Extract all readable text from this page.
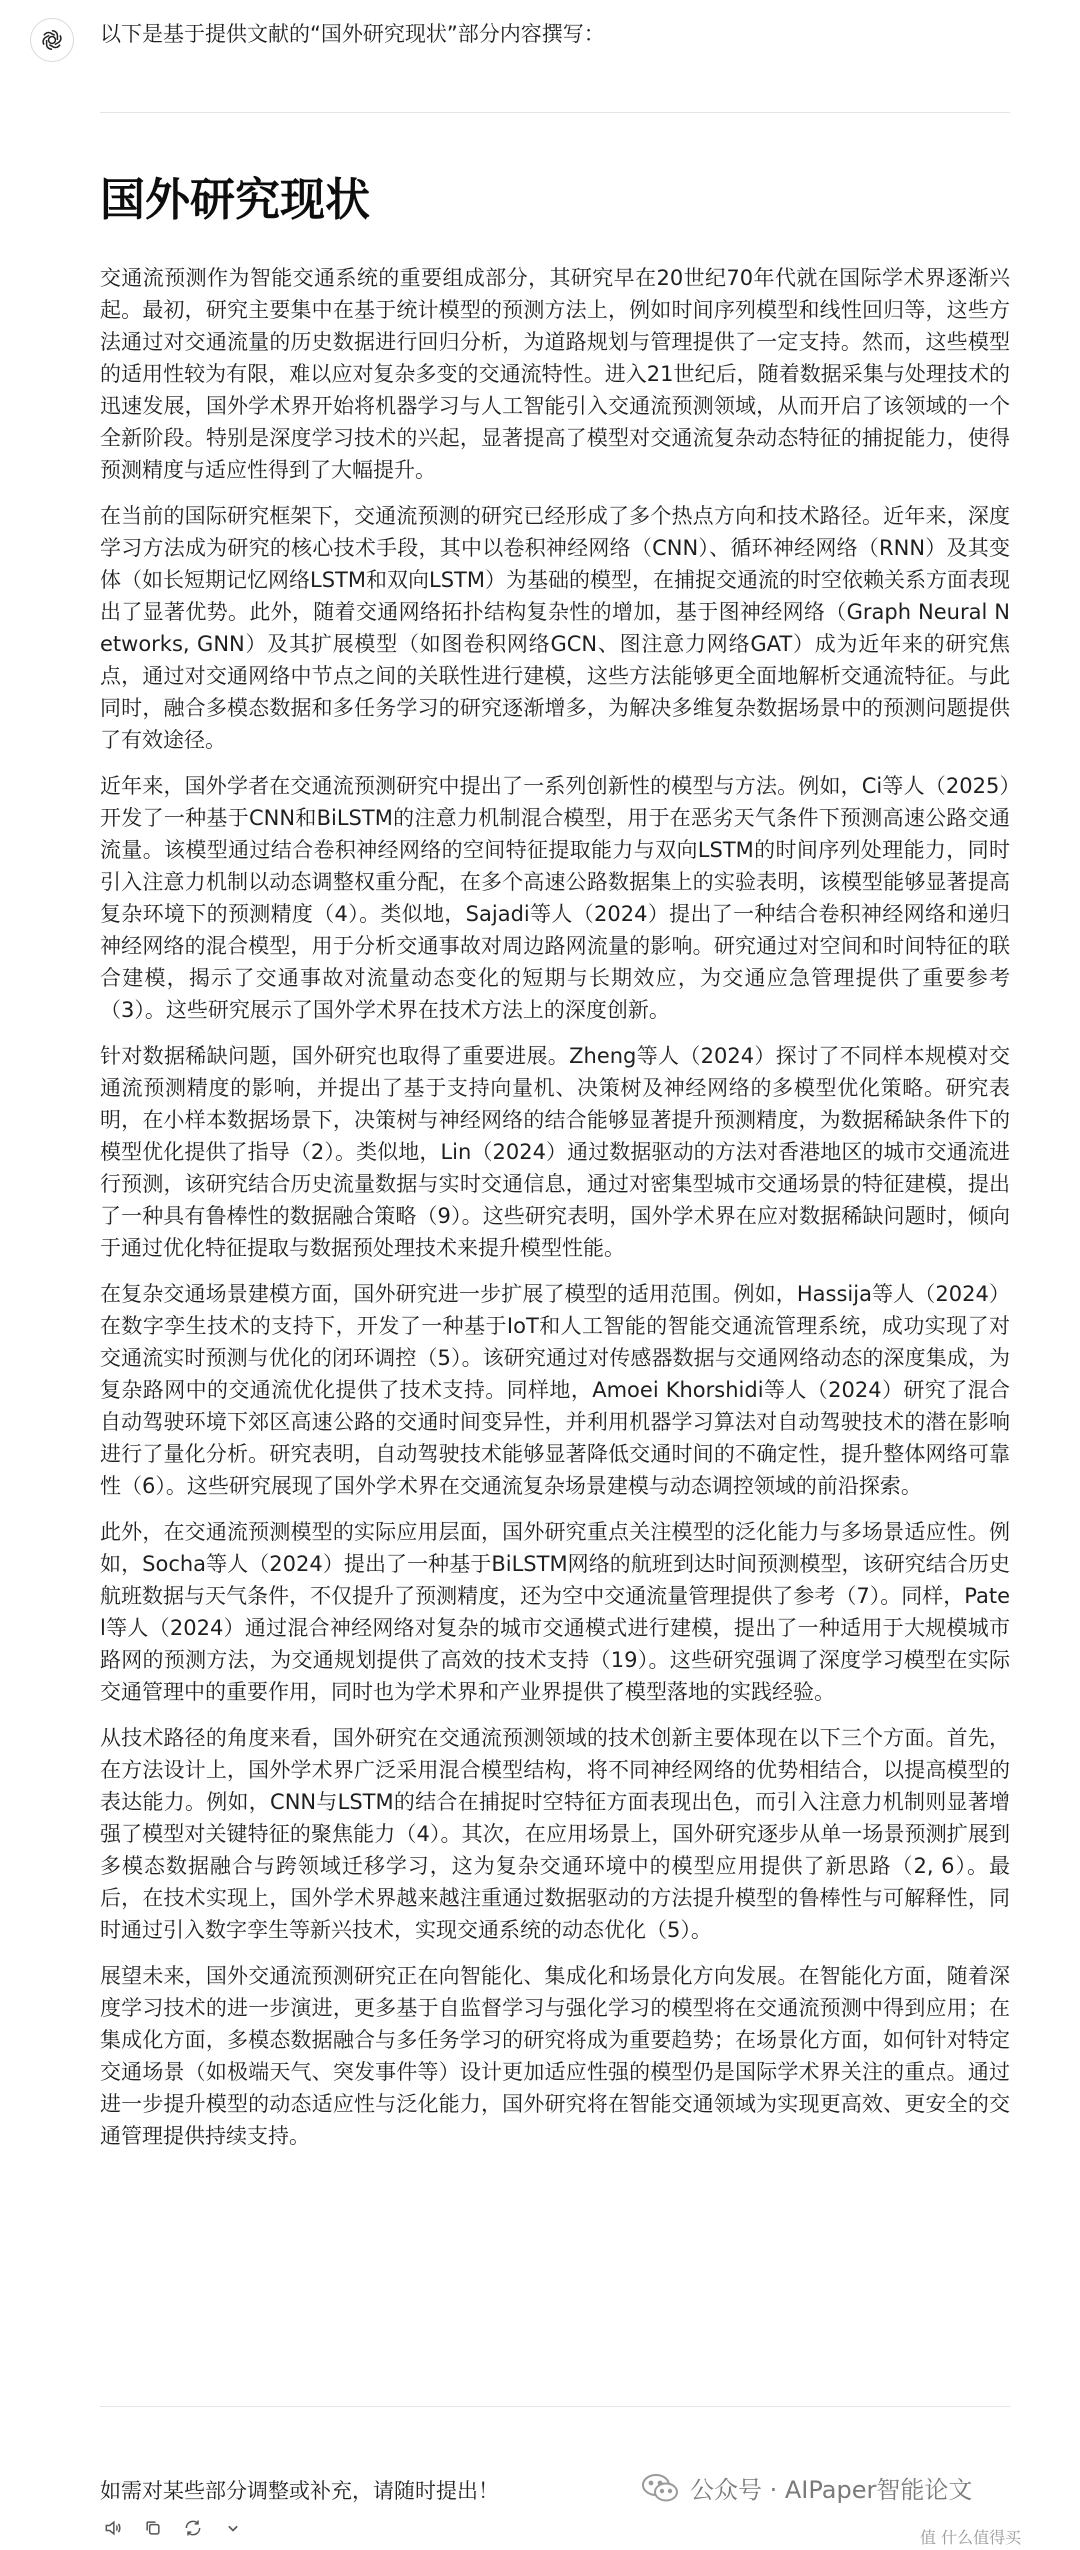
以下是基于提供文献的“国外研究现状”部分内容撰写：
国外研究现状

交通流预测作为智能交通系统的重要组成部分，其研究早在20世纪70年代就在国际学术界逐渐兴起。最初，研究主要集中在基于统计模型的预测方法上，例如时间序列模型和线性回归等，这些方法通过对交通流量的历史数据进行回归分析，为道路规划与管理提供了一定支持。然而，这些模型的适用性较为有限，难以应对复杂多变的交通流特性。进入21世纪后，随着数据采集与处理技术的迅速发展，国外学术界开始将机器学习与人工智能引入交通流预测领域，从而开启了该领域的一个全新阶段。特别是深度学习技术的兴起，显著提高了模型对交通流复杂动态特征的捕捉能力，使得预测精度与适应性得到了大幅提升。

在当前的国际研究框架下，交通流预测的研究已经形成了多个热点方向和技术路径。近年来，深度学习方法成为研究的核心技术手段，其中以卷积神经网络（CNN）、循环神经网络（RNN）及其变体（如长短期记忆网络LSTM和双向LSTM）为基础的模型，在捕捉交通流的时空依赖关系方面表现出了显著优势。此外，随着交通网络拓扑结构复杂性的增加，基于图神经网络（Graph Neural Networks, GNN）及其扩展模型（如图卷积网络GCN、图注意力网络GAT）成为近年来的研究焦点，通过对交通网络中节点之间的关联性进行建模，这些方法能够更全面地解析交通流特征。与此同时，融合多模态数据和多任务学习的研究逐渐增多，为解决多维复杂数据场景中的预测问题提供了有效途径。

近年来，国外学者在交通流预测研究中提出了一系列创新性的模型与方法。例如，Ci等人（2025）开发了一种基于CNN和BiLSTM的注意力机制混合模型，用于在恶劣天气条件下预测高速公路交通流量。该模型通过结合卷积神经网络的空间特征提取能力与双向LSTM的时间序列处理能力，同时引入注意力机制以动态调整权重分配，在多个高速公路数据集上的实验表明，该模型能够显著提高复杂环境下的预测精度（4）。类似地，Sajadi等人（2024）提出了一种结合卷积神经网络和递归神经网络的混合模型，用于分析交通事故对周边路网流量的影响。研究通过对空间和时间特征的联合建模，揭示了交通事故对流量动态变化的短期与长期效应，为交通应急管理提供了重要参考（3）。这些研究展示了国外学术界在技术方法上的深度创新。

针对数据稀缺问题，国外研究也取得了重要进展。Zheng等人（2024）探讨了不同样本规模对交通流预测精度的影响，并提出了基于支持向量机、决策树及神经网络的多模型优化策略。研究表明，在小样本数据场景下，决策树与神经网络的结合能够显著提升预测精度，为数据稀缺条件下的模型优化提供了指导（2）。类似地，Lin（2024）通过数据驱动的方法对香港地区的城市交通流进行预测，该研究结合历史流量数据与实时交通信息，通过对密集型城市交通场景的特征建模，提出了一种具有鲁棒性的数据融合策略（9）。这些研究表明，国外学术界在应对数据稀缺问题时，倾向于通过优化特征提取与数据预处理技术来提升模型性能。

在复杂交通场景建模方面，国外研究进一步扩展了模型的适用范围。例如，Hassija等人（2024）在数字孪生技术的支持下，开发了一种基于IoT和人工智能的智能交通流管理系统，成功实现了对交通流实时预测与优化的闭环调控（5）。该研究通过对传感器数据与交通网络动态的深度集成，为复杂路网中的交通流优化提供了技术支持。同样地，Amoei Khorshidi等人（2024）研究了混合自动驾驶环境下郊区高速公路的交通时间变异性，并利用机器学习算法对自动驾驶技术的潜在影响进行了量化分析。研究表明，自动驾驶技术能够显著降低交通时间的不确定性，提升整体网络可靠性（6）。这些研究展现了国外学术界在交通流复杂场景建模与动态调控领域的前沿探索。

此外，在交通流预测模型的实际应用层面，国外研究重点关注模型的泛化能力与多场景适应性。例如，Socha等人（2024）提出了一种基于BiLSTM网络的航班到达时间预测模型，该研究结合历史航班数据与天气条件，不仅提升了预测精度，还为空中交通流量管理提供了参考（7）。同样，Patel等人（2024）通过混合神经网络对复杂的城市交通模式进行建模，提出了一种适用于大规模城市路网的预测方法，为交通规划提供了高效的技术支持（19）。这些研究强调了深度学习模型在实际交通管理中的重要作用，同时也为学术界和产业界提供了模型落地的实践经验。

从技术路径的角度来看，国外研究在交通流预测领域的技术创新主要体现在以下三个方面。首先，在方法设计上，国外学术界广泛采用混合模型结构，将不同神经网络的优势相结合，以提高模型的表达能力。例如，CNN与LSTM的结合在捕捉时空特征方面表现出色，而引入注意力机制则显著增强了模型对关键特征的聚焦能力（4）。其次，在应用场景上，国外研究逐步从单一场景预测扩展到多模态数据融合与跨领域迁移学习，这为复杂交通环境中的模型应用提供了新思路（2, 6）。最后，在技术实现上，国外学术界越来越注重通过数据驱动的方法提升模型的鲁棒性与可解释性，同时通过引入数字孪生等新兴技术，实现交通系统的动态优化（5）。

展望未来，国外交通流预测研究正在向智能化、集成化和场景化方向发展。在智能化方面，随着深度学习技术的进一步演进，更多基于自监督学习与强化学习的模型将在交通流预测中得到应用；在集成化方面，多模态数据融合与多任务学习的研究将成为重要趋势；在场景化方面，如何针对特定交通场景（如极端天气、突发事件等）设计更加适应性强的模型仍是国际学术界关注的重点。通过进一步提升模型的动态适应性与泛化能力，国外研究将在智能交通领域为实现更高效、更安全的交通管理提供持续支持。

如需对某些部分调整或补充，请随时提出！	公众号 · AIPaper智能论文
值 什么值得买
